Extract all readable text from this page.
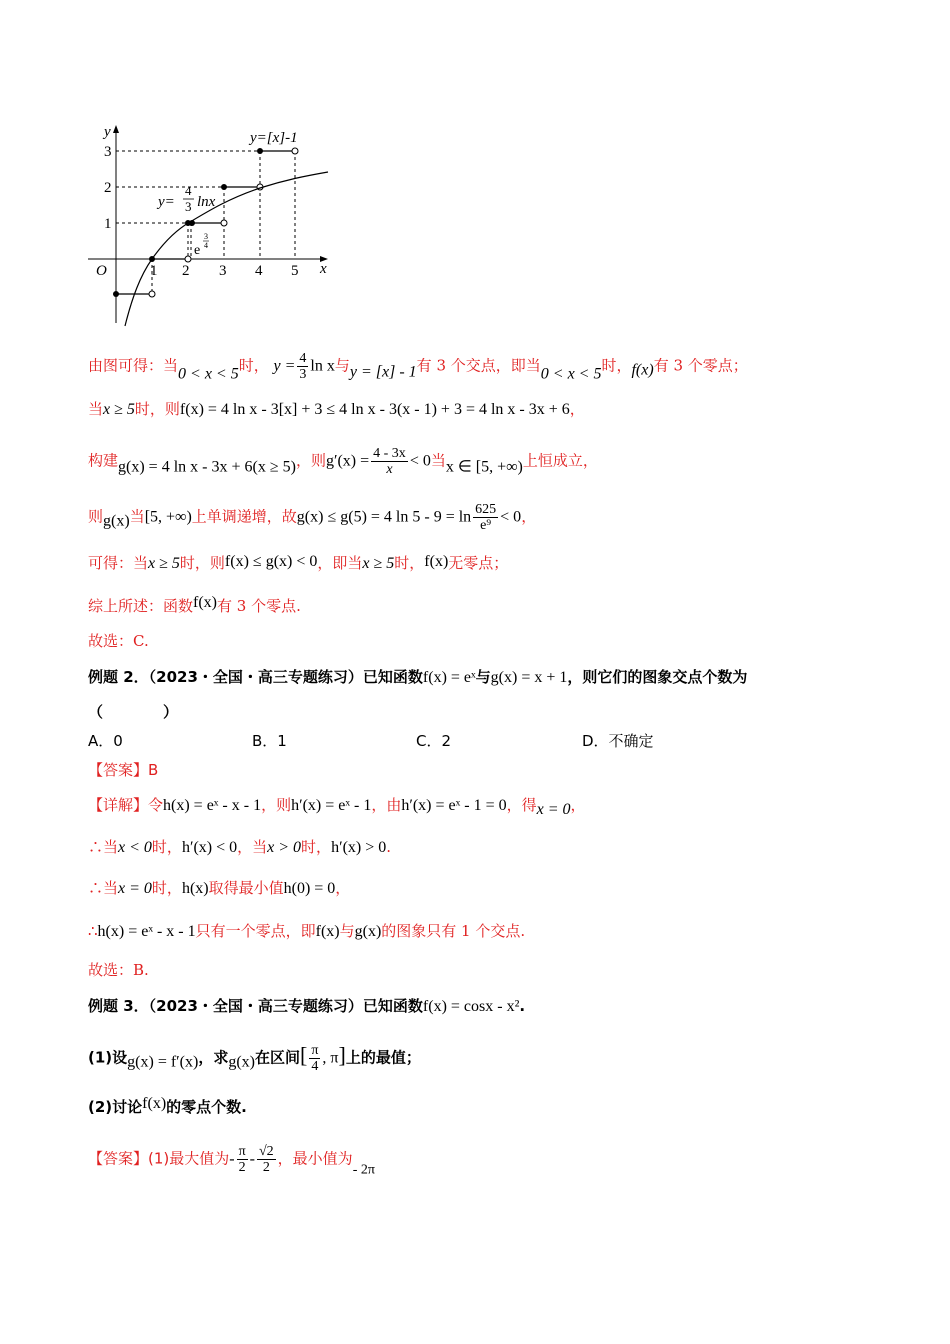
y
x
O	1 2 3 4 5
1
2
3
y=[x]-1
y=
4
3 lnx
e
3
4
由图可得：当0 < x < 5时， $y = \frac{4}{3}$ ln x与y = [x] - 1有 3 个交点，即当0 < x < 5时，f(x)有 3 个零点；
当x ≥ 5时，则f(x) = 4 ln x - 3[x] + 3 ≤ 4 ln x - 3(x - 1) + 3 = 4 ln x - 3x + 6，
构建g(x) = 4 ln x - 3x + 6(x ≥ 5)，则$g'(x) = \frac{4 - 3x}{x} < 0$当x ∈ [5, +∞)上恒成立，
则g(x)当[5, +∞)上单调递增，故g(x) ≤ g(5) = 4 $\ln 5 - 9 = \ln \frac{625}{\text{e⁹}} < 0$，
可得：当x ≥ 5时，则f(x) ≤ g(x) < 0，即当x ≥ 5时，f(x)无零点；
综上所述：函数f(x)有 3 个零点.
故选：C.
例题 2．（2023・全国・高三专题练习）已知函数f(x) = eˣ与g(x) = x + 1，则它们的图象交点个数为
（　　　　）
A．0	B．1	C．2	D．不确定
【答案】B
【详解】令h(x) = eˣ - x - 1，则h′(x) = eˣ - 1，由h′(x) = eˣ - 1 = 0，得x = 0，
∴当x < 0时，h′(x) < 0，当x > 0时，h′(x) > 0.
∴当x = 0时，h(x)取得最小值h(0) = 0，
∴h(x) = eˣ - x - 1只有一个零点，即f(x)与g(x)的图象只有 1 个交点.
故选：B.
例题 3．（2023・全国・高三专题练习）已知函数f(x) = cosx - x².
(1)设g(x) = f′(x)，求g(x)在区间[ $\frac{\pi}{4}$ , π]上的最值；
(2)讨论f(x)的零点个数.
【答案】(1)最大值为- $\frac{\pi}{2} - \frac{√2}{2}$ ，最小值为- 2π
